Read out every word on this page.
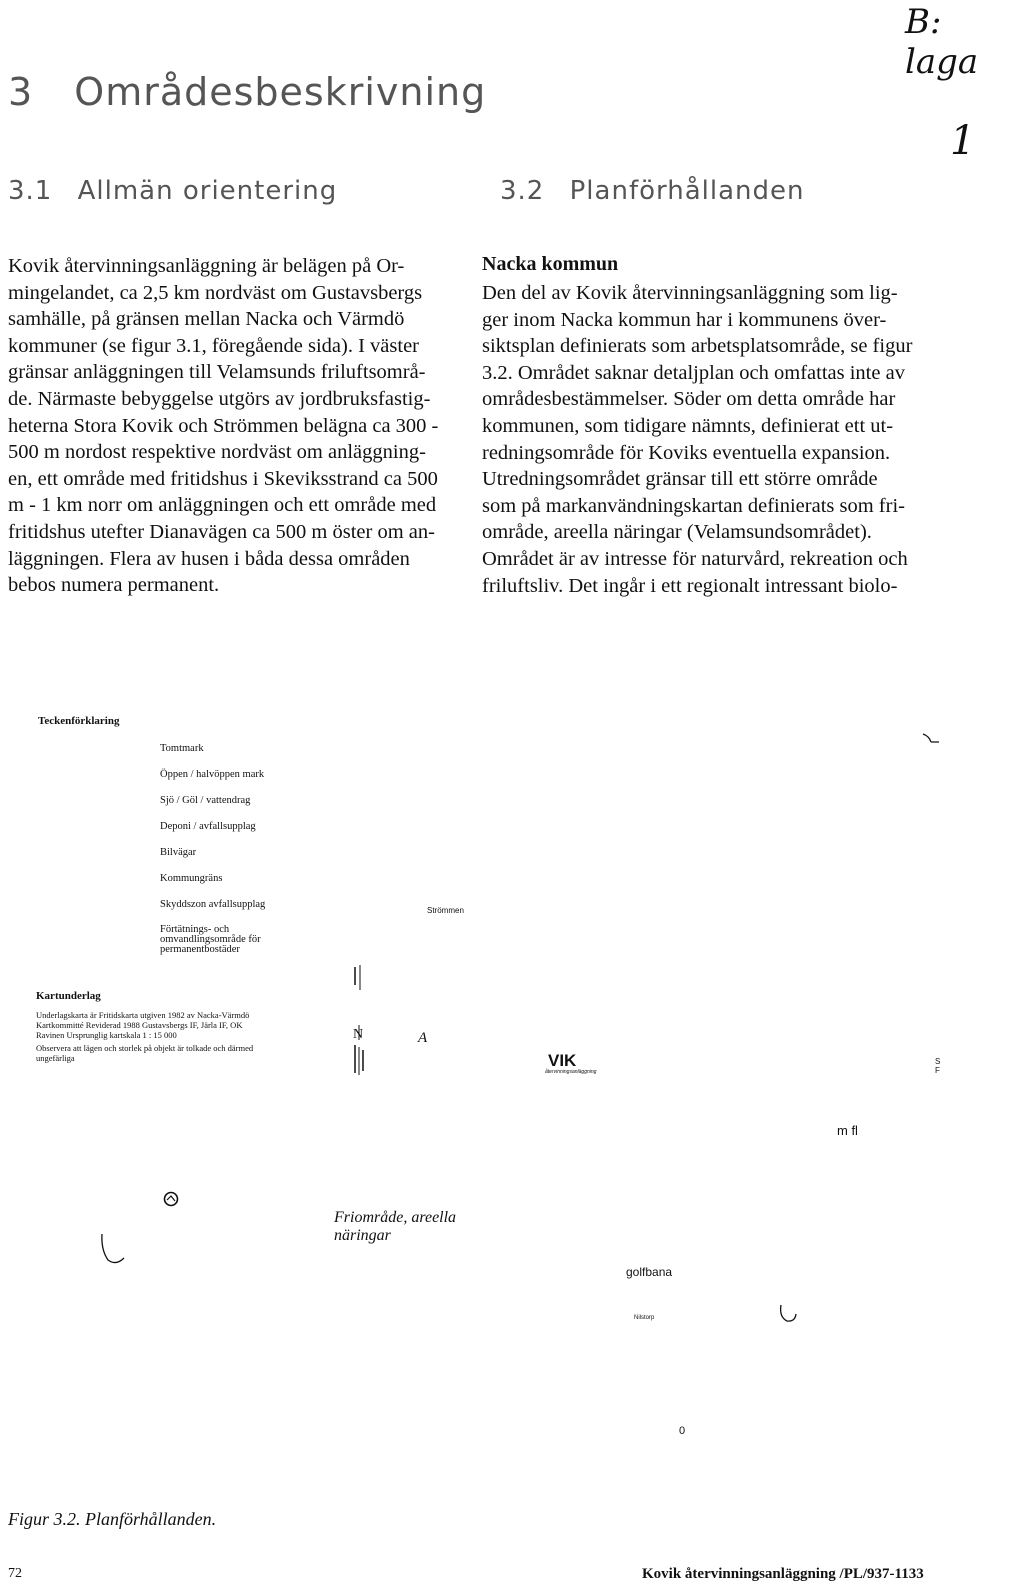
B: laga
1
3 Områdesbeskrivning
3.1 Allmän orientering
Kovik återvinningsanläggning är belägen på Or-
mingelandet, ca 2,5 km nordväst om Gustavsbergs
samhälle, på gränsen mellan Nacka och Värmdö
kommuner (se figur 3.1, föregående sida). I väster
gränsar anläggningen till Velamsunds friluftsområ-
de. Närmaste bebyggelse utgörs av jordbruksfastig-
heterna Stora Kovik och Strömmen belägna ca 300 -
500 m nordost respektive nordväst om anläggning-
en, ett område med fritidshus i Skeviksstrand ca 500
m - 1 km norr om anläggningen och ett område med
fritidshus utefter Dianavägen ca 500 m öster om an-
läggningen. Flera av husen i båda dessa områden
bebos numera permanent.
3.2 Planförhållanden
Nacka kommun
Den del av Kovik återvinningsanläggning som lig-
ger inom Nacka kommun har i kommunens över-
siktsplan definierats som arbetsplatsområde, se figur
3.2. Området saknar detaljplan och omfattas inte av
områdesbestämmelser. Söder om detta område har
kommunen, som tidigare nämnts, definierat ett ut-
redningsområde för Koviks eventuella expansion.
Utredningsområdet gränsar till ett större område
som på markanvändningskartan definierats som fri-
område, areella näringar (Velamsundsområdet).
Området är av intresse för naturvård, rekreation och
friluftsliv. Det ingår i ett regionalt intressant biolo-
Teckenförklaring
Tomtmark
Öppen / halvöppen mark
Sjö / Göl / vattendrag
Deponi / avfallsupplag
Bilvägar
Kommungräns
Skyddszon avfallsupplag
Förtätnings- och omvandlingsområde för permanentbostäder
Kartunderlag
Underlagskarta är Fritidskarta utgiven 1982 av Nacka-Värmdö
Kartkommitté Reviderad 1988 Gustavsbergs IF, Järla IF, OK
Ravinen Ursprunglig kartskala 1 : 15 000
Observera att lägen och storlek på objekt är tolkade och därmed
ungefärliga
N	A
Strömmen
VIK
återvinningsanläggning
S
F
m fl
Friområde, areella
näringar
golfbana
Nilstorp
0
Figur 3.2. Planförhållanden.
72	Kovik återvinningsanläggning /PL/937-1133
